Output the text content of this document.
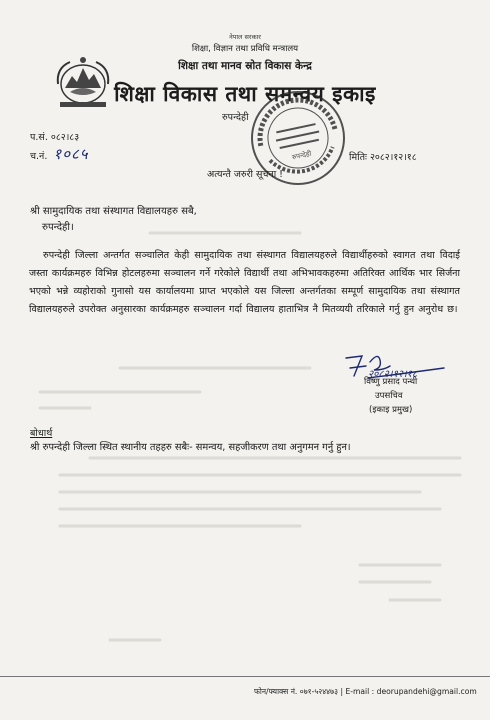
नेपाल सरकार
शिक्षा, विज्ञान तथा प्रविधि मन्त्रालय
शिक्षा तथा मानव स्रोत विकास केन्द्र
शिक्षा विकास तथा समन्वय इकाइ
रुपन्देही
रुपन्देही
प.सं. ०८२।८३
च.नं. १०८५	मितिः २०८२।१२।१८
अत्यन्तै जरुरी सूचना !
श्री सामुदायिक तथा संस्थागत विद्यालयहरु सबै,
रुपन्देही।
रुपन्देही जिल्ला अन्तर्गत सञ्चालित केही सामुदायिक तथा संस्थागत विद्यालयहरुले विद्यार्थीहरुको स्वागत तथा विदाई जस्ता कार्यक्रमहरु विभिन्न होटलहरुमा सञ्चालन गर्ने गरेकोले विद्यार्थी तथा अभिभावकहरुमा अतिरिक्त आर्थिक भार सिर्जना भएको भन्ने व्यहोराको गुनासो यस कार्यालयमा प्राप्त भएकोले यस जिल्ला अन्तर्गतका सम्पूर्ण सामुदायिक तथा संस्थागत विद्यालयहरुले उपरोक्त अनुसारका कार्यक्रमहरु सञ्चालन गर्दा विद्यालय हाताभित्र नै मितव्ययी तरिकाले गर्नु हुन अनुरोध छ।
२०८२।१२।१८
विष्णु प्रसाद पन्थी
उपसचिव
(इकाइ प्रमुख)
बोधार्थ
श्री रुपन्देही जिल्ला स्थित स्थानीय तहहरु सबैः- समन्वय, सहजीकरण तथा अनुगमन गर्नु हुन।
फोन/फ्याक्स नं. ०७१-५२४४७३ | E-mail : deorupandehi@gmail.com
